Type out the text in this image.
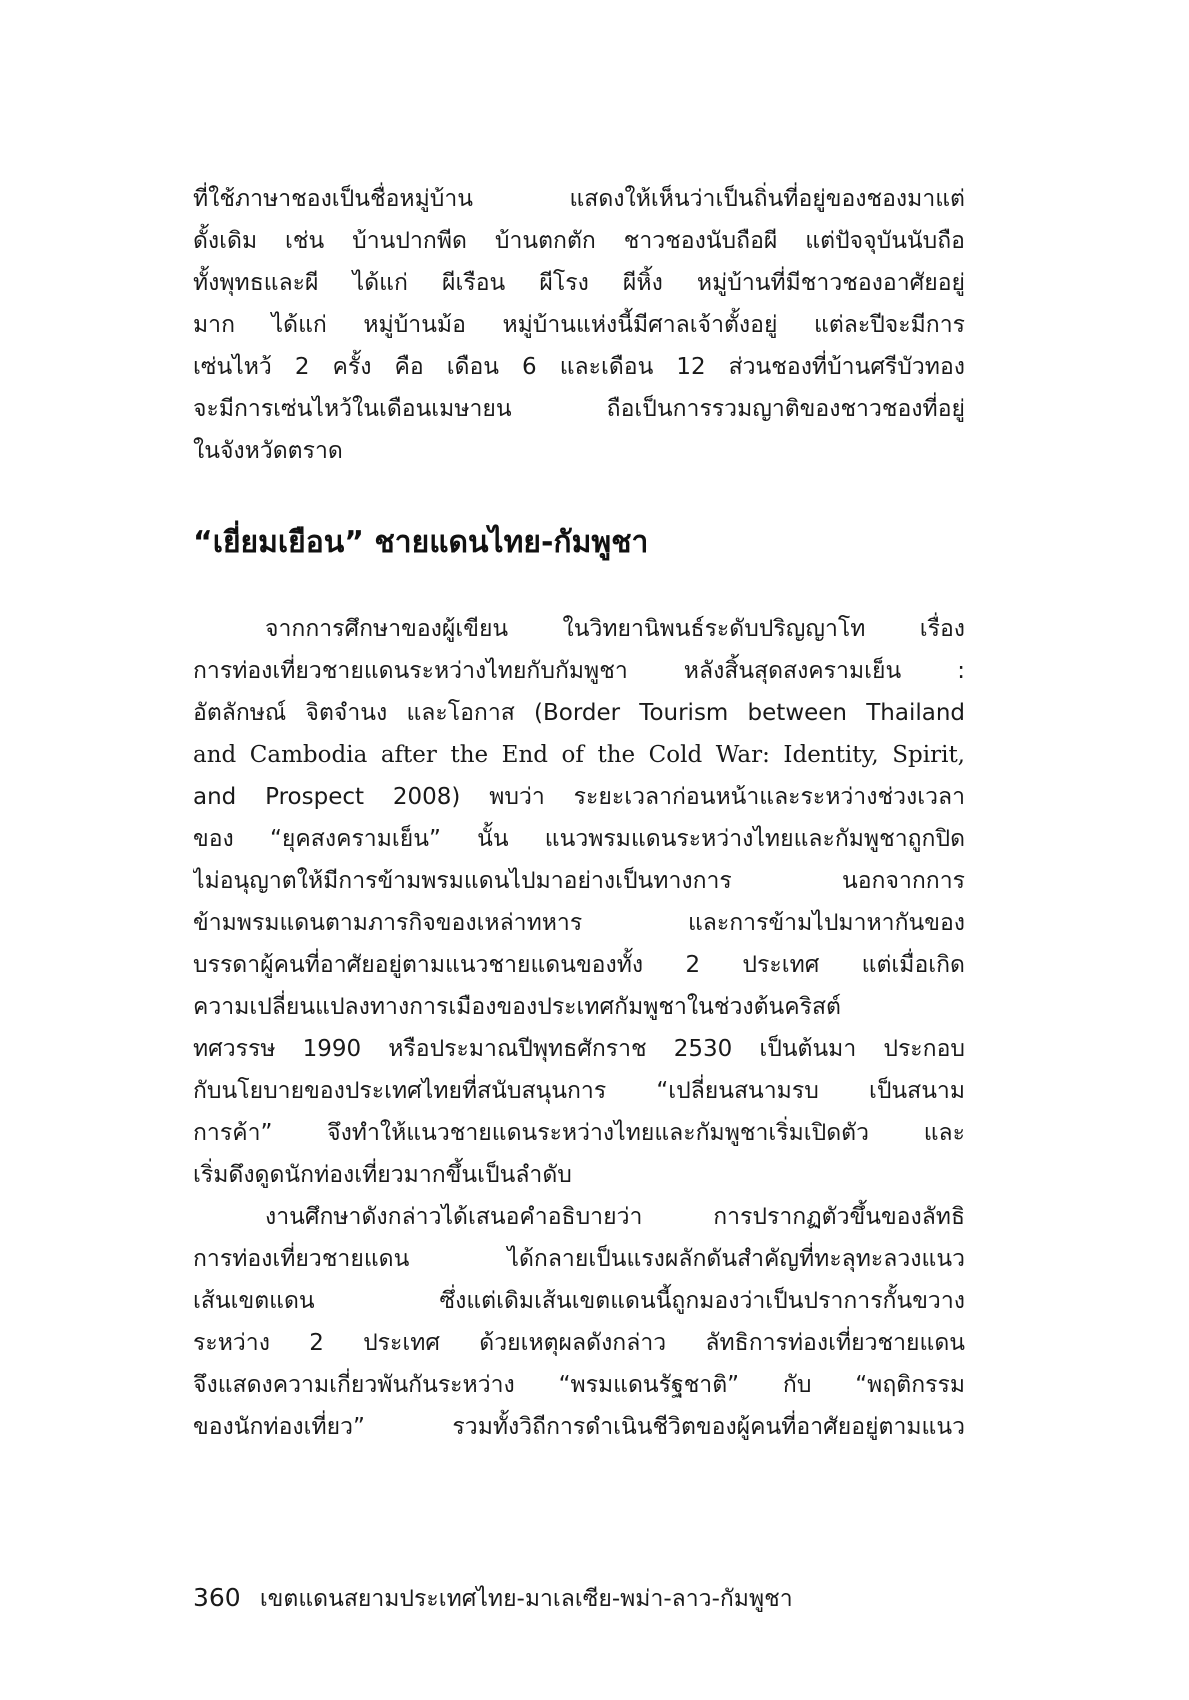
ที่ใช้ภาษาชองเป็นชื่อหมู่บ้าน แสดงให้เห็นว่าเป็นถิ่นที่อยู่ของชองมาแต่
ดั้งเดิม เช่น บ้านปากพีด บ้านตกตัก ชาวชองนับถือผี แต่ปัจจุบันนับถือ
ทั้งพุทธและผี ได้แก่ ผีเรือน ผีโรง ผีหิ้ง หมู่บ้านที่มีชาวชองอาศัยอยู่
มาก ได้แก่ หมู่บ้านม้อ หมู่บ้านแห่งนี้มีศาลเจ้าตั้งอยู่ แต่ละปีจะมีการ
เซ่นไหว้ 2 ครั้ง คือ เดือน 6 และเดือน 12 ส่วนชองที่บ้านศรีบัวทอง
จะมีการเซ่นไหว้ในเดือนเมษายน ถือเป็นการรวมญาติของชาวชองที่อยู่
ในจังหวัดตราด
“เยี่ยมเยือน” ชายแดนไทย-กัมพูชา
จากการศึกษาของผู้เขียน ในวิทยานิพนธ์ระดับปริญญาโท เรื่อง
การท่องเที่ยวชายแดนระหว่างไทยกับกัมพูชา หลังสิ้นสุดสงครามเย็น :
อัตลักษณ์ จิตจำนง และโอกาส (Border Tourism between Thailand
and Cambodia after the End of the Cold War: Identity, Spirit,
and Prospect 2008) พบว่า ระยะเวลาก่อนหน้าและระหว่างช่วงเวลา
ของ “ยุคสงครามเย็น” นั้น แนวพรมแดนระหว่างไทยและกัมพูชาถูกปิด
ไม่อนุญาตให้มีการข้ามพรมแดนไปมาอย่างเป็นทางการ นอกจากการ
ข้ามพรมแดนตามภารกิจของเหล่าทหาร และการข้ามไปมาหากันของ
บรรดาผู้คนที่อาศัยอยู่ตามแนวชายแดนของทั้ง 2 ประเทศ แต่เมื่อเกิด
ความเปลี่ยนแปลงทางการเมืองของประเทศกัมพูชาในช่วงต้นคริสต์
ทศวรรษ 1990 หรือประมาณปีพุทธศักราช 2530 เป็นต้นมา ประกอบ
กับนโยบายของประเทศไทยที่สนับสนุนการ “เปลี่ยนสนามรบ เป็นสนาม
การค้า” จึงทำให้แนวชายแดนระหว่างไทยและกัมพูชาเริ่มเปิดตัว และ
เริ่มดึงดูดนักท่องเที่ยวมากขึ้นเป็นลำดับ
งานศึกษาดังกล่าวได้เสนอคำอธิบายว่า การปรากฏตัวขึ้นของลัทธิ
การท่องเที่ยวชายแดน ได้กลายเป็นแรงผลักดันสำคัญที่ทะลุทะลวงแนว
เส้นเขตแดน ซึ่งแต่เดิมเส้นเขตแดนนี้ถูกมองว่าเป็นปราการกั้นขวาง
ระหว่าง 2 ประเทศ ด้วยเหตุผลดังกล่าว ลัทธิการท่องเที่ยวชายแดน
จึงแสดงความเกี่ยวพันกันระหว่าง “พรมแดนรัฐชาติ” กับ “พฤติกรรม
ของนักท่องเที่ยว” รวมทั้งวิถีการดำเนินชีวิตของผู้คนที่อาศัยอยู่ตามแนว
360 เขตแดนสยามประเทศไทย-มาเลเซีย-พม่า-ลาว-กัมพูชา
